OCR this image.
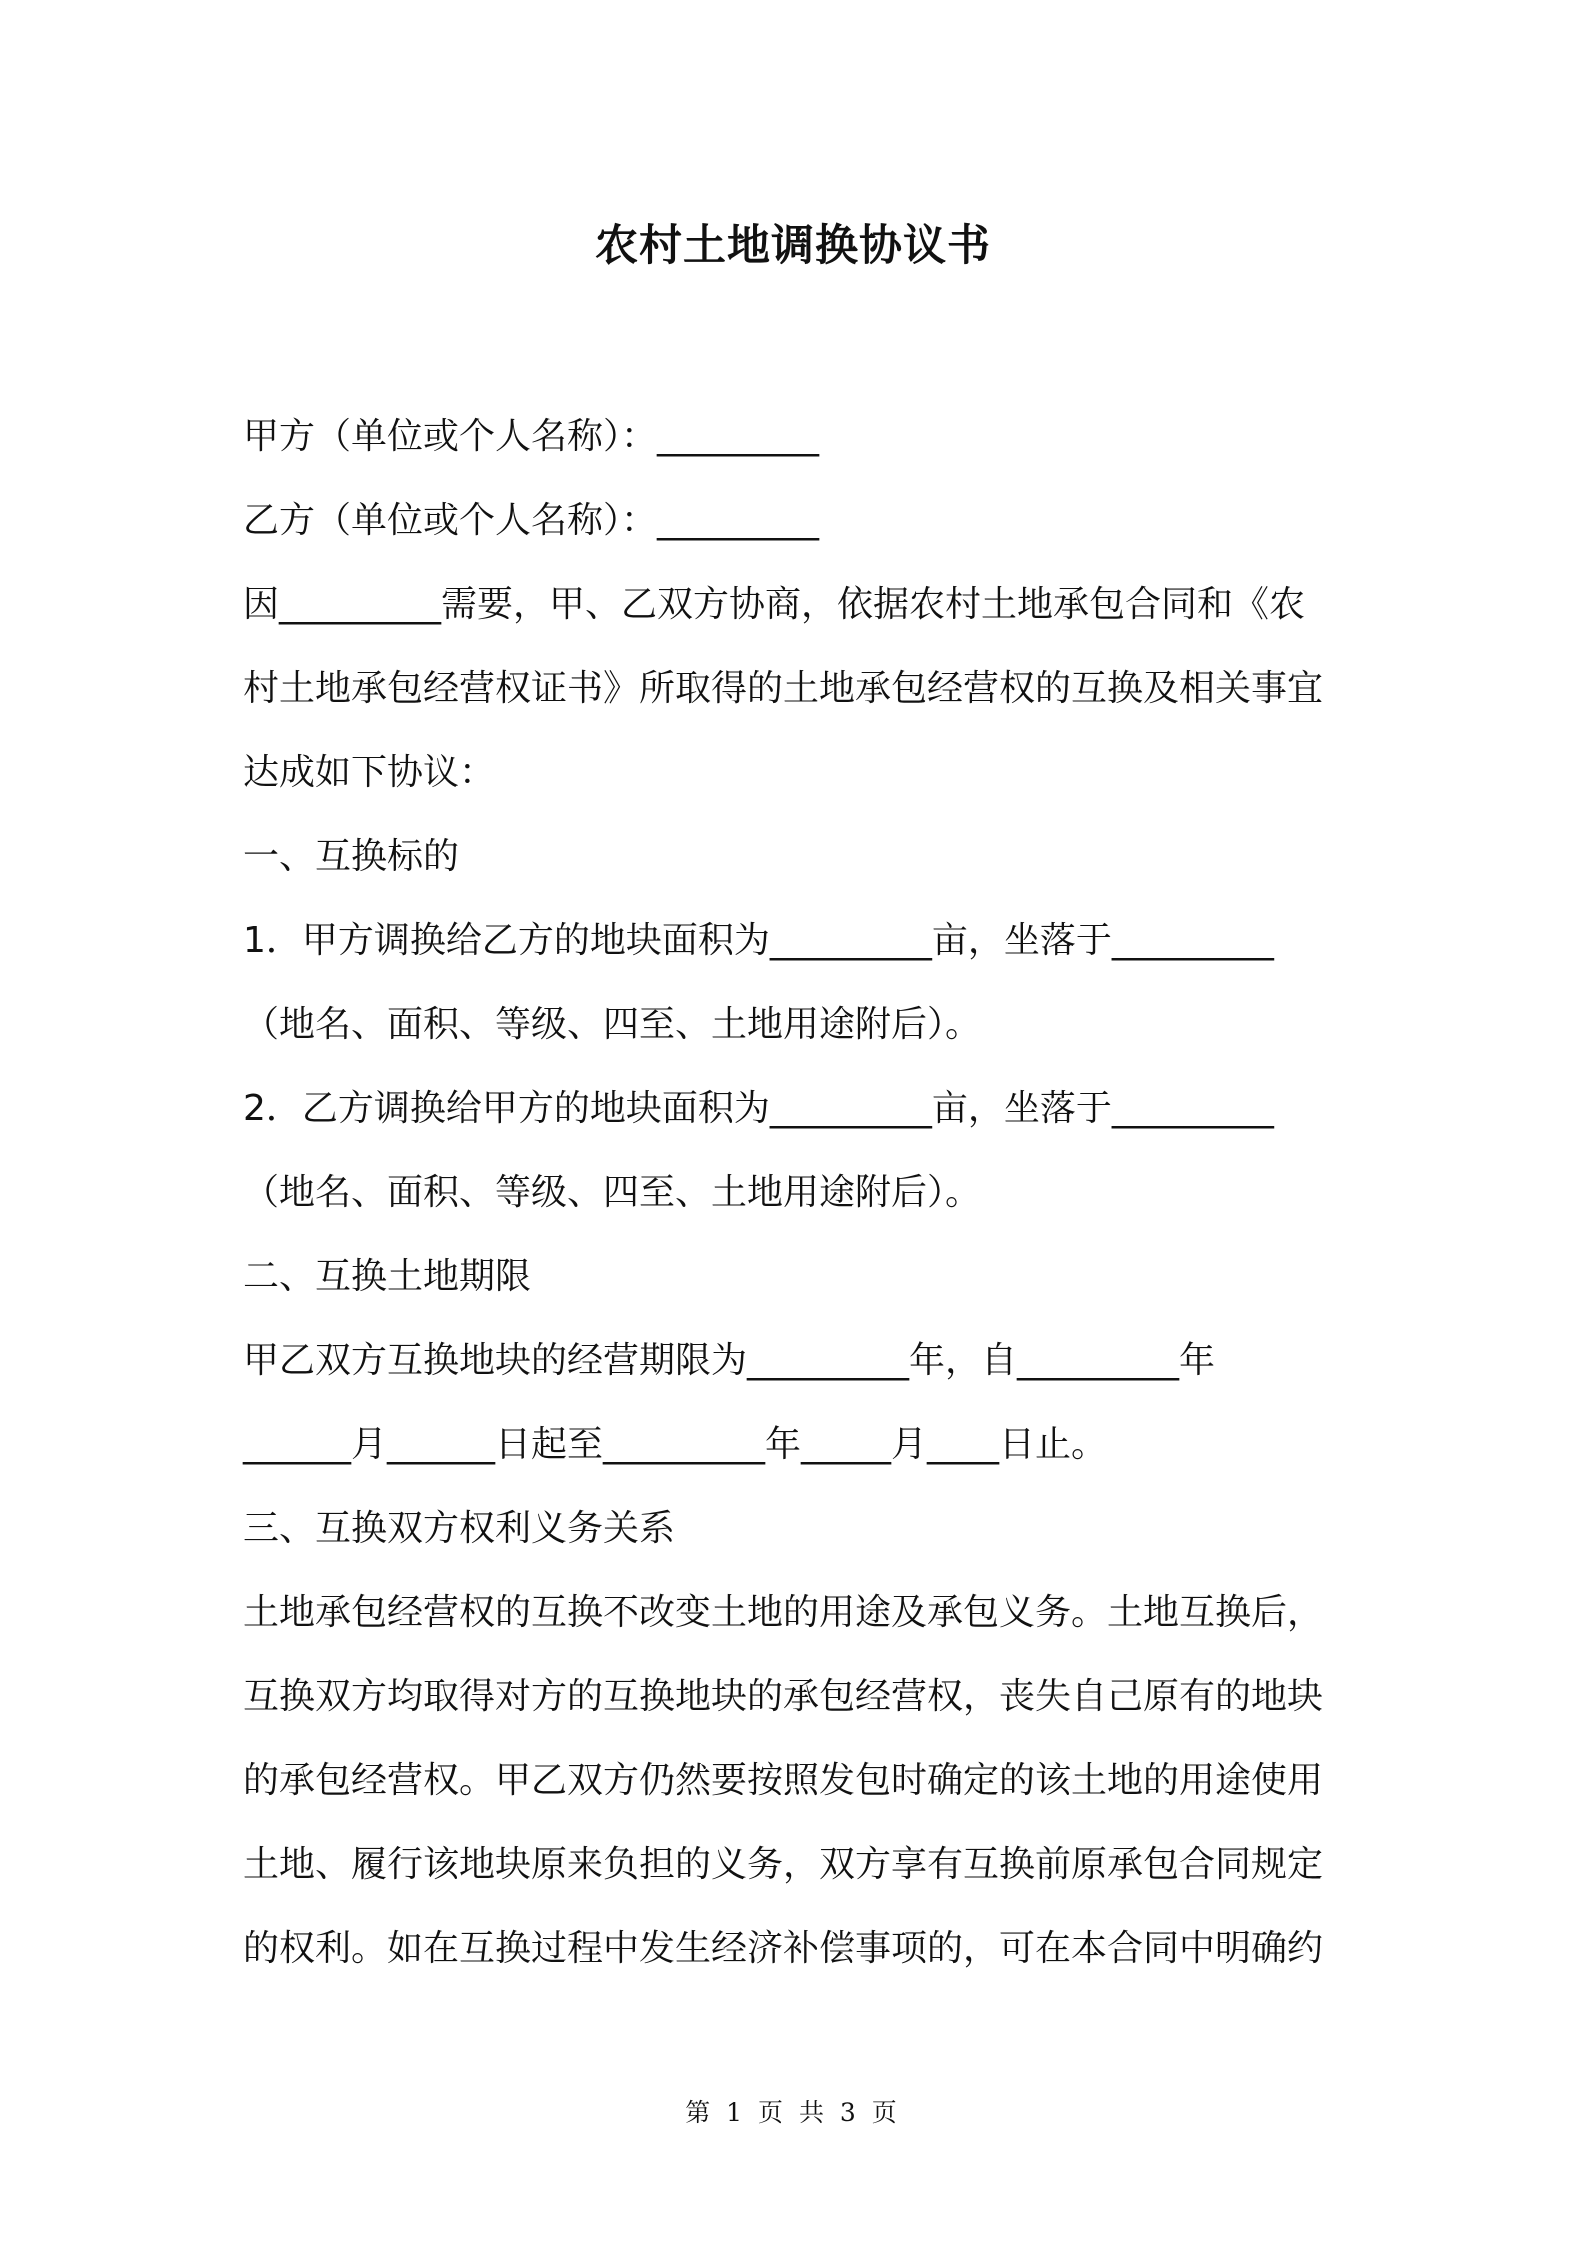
农村土地调换协议书
甲方（单位或个人名称）：_________
乙方（单位或个人名称）：_________
因_________需要，甲、乙双方协商，依据农村土地承包合同和《农
村土地承包经营权证书》所取得的土地承包经营权的互换及相关事宜
达成如下协议：
一、互换标的
1．甲方调换给乙方的地块面积为_________亩，坐落于_________
（地名、面积、等级、四至、土地用途附后）。
2．乙方调换给甲方的地块面积为_________亩，坐落于_________
（地名、面积、等级、四至、土地用途附后）。
二、互换土地期限
甲乙双方互换地块的经营期限为_________年，自_________年
______月______日起至_________年_____月____日止。
三、互换双方权利义务关系
土地承包经营权的互换不改变土地的用途及承包义务。土地互换后，
互换双方均取得对方的互换地块的承包经营权，丧失自己原有的地块
的承包经营权。甲乙双方仍然要按照发包时确定的该土地的用途使用
土地、履行该地块原来负担的义务，双方享有互换前原承包合同规定
的权利。如在互换过程中发生经济补偿事项的，可在本合同中明确约
第 1 页 共 3 页
